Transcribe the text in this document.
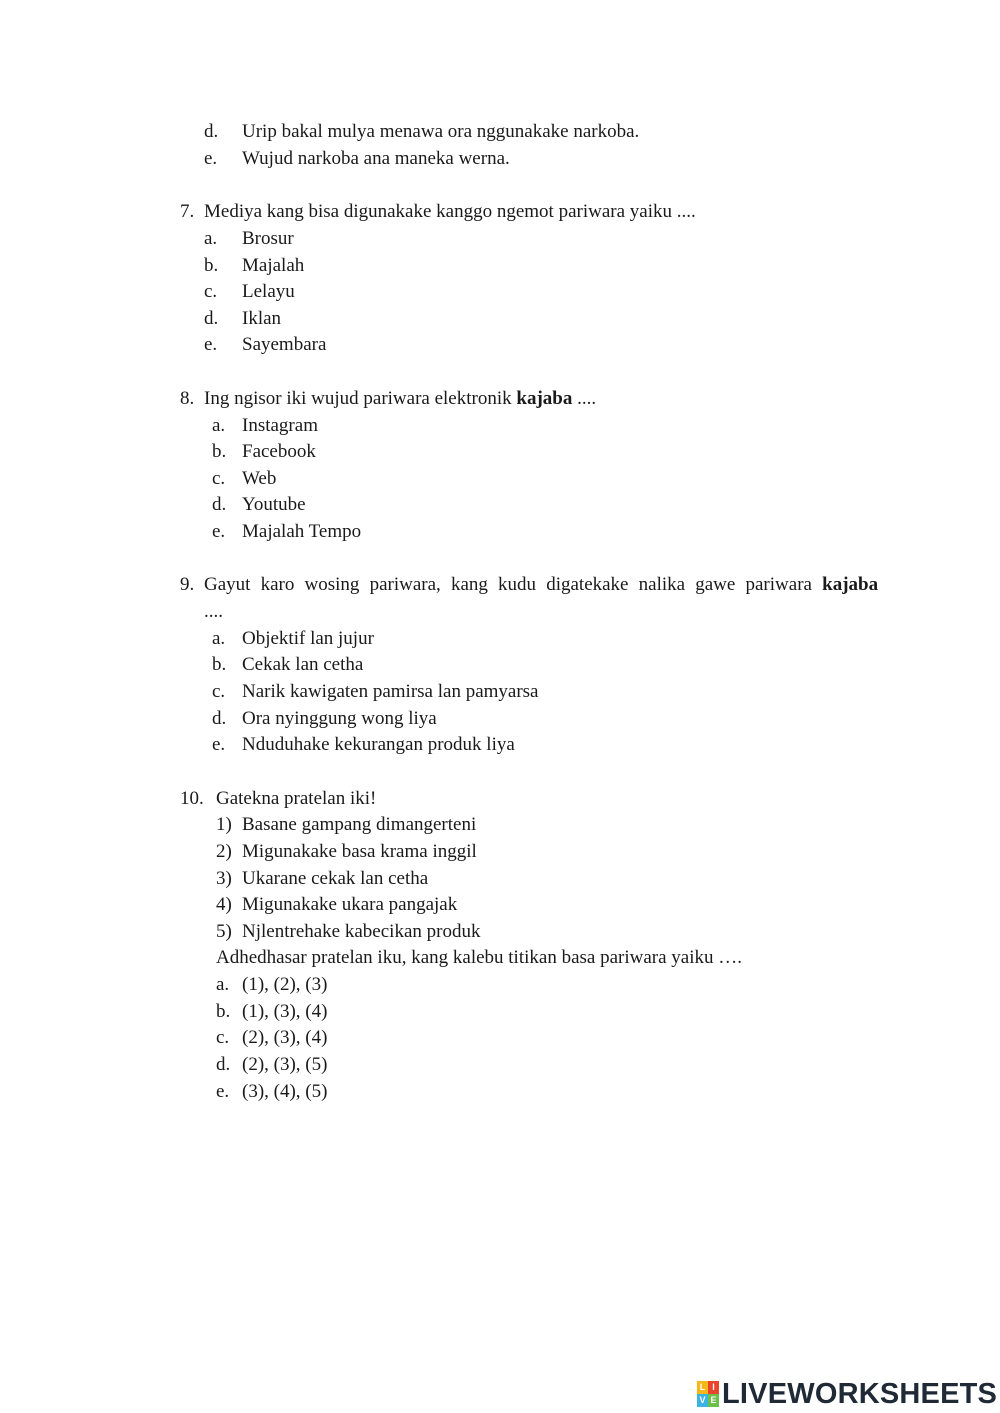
d. Urip bakal mulya menawa ora nggunakake narkoba.
e. Wujud narkoba ana maneka werna.
7. Mediya kang bisa digunakake kanggo ngemot pariwara yaiku ....
a. Brosur
b. Majalah
c. Lelayu
d. Iklan
e. Sayembara
8. Ing ngisor iki wujud pariwara elektronik kajaba ....
a. Instagram
b. Facebook
c. Web
d. Youtube
e. Majalah Tempo
9. Gayut karo wosing pariwara, kang kudu digatekake nalika gawe pariwara kajaba
....
a. Objektif lan jujur
b. Cekak lan cetha
c. Narik kawigaten pamirsa lan pamyarsa
d. Ora nyinggung wong liya
e. Nduduhake kekurangan produk liya
10. Gatekna pratelan iki!
1) Basane gampang dimangerteni
2) Migunakake basa krama inggil
3) Ukarane cekak lan cetha
4) Migunakake ukara pangajak
5) Njlentrehake kabecikan produk
Adhedhasar pratelan iku, kang kalebu titikan basa pariwara yaiku ….
a. (1), (2), (3)
b. (1), (3), (4)
c. (2), (3), (4)
d. (2), (3), (5)
e. (3), (4), (5)
L I
V E LIVEWORKSHEETS
